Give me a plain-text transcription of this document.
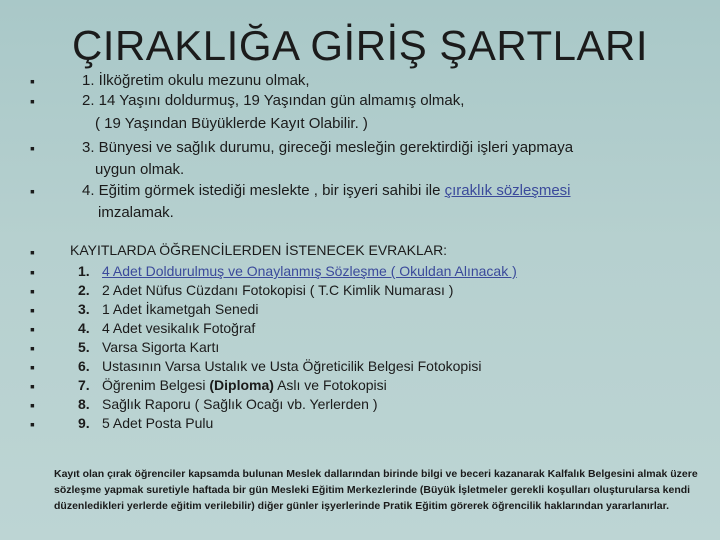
ÇIRAKLIĞA GİRİŞ ŞARTLARI
▪
1. İlköğretim okulu mezunu olmak,
▪
2. 14 Yaşını doldurmuş, 19 Yaşından gün almamış olmak,
( 19 Yaşından Büyüklerde Kayıt Olabilir. )
▪
3. Bünyesi ve sağlık durumu, gireceği mesleğin gerektirdiği işleri yapmaya
uygun olmak.
▪
4. Eğitim görmek istediği meslekte , bir işyeri sahibi ile çıraklık sözleşmesi
imzalamak.
▪
KAYITLARDA ÖĞRENCİLERDEN İSTENECEK EVRAKLAR:
▪
1. 4 Adet Doldurulmuş ve Onaylanmış Sözleşme ( Okuldan Alınacak )
▪
2. 2 Adet Nüfus Cüzdanı Fotokopisi ( T.C Kimlik Numarası )
▪
3. 1 Adet İkametgah Senedi
▪
4. 4 Adet vesikalık Fotoğraf
▪
5. Varsa Sigorta Kartı
▪
6. Ustasının Varsa Ustalık ve Usta Öğreticilik Belgesi Fotokopisi
▪
7. Öğrenim Belgesi (Diploma) Aslı ve Fotokopisi
▪
8. Sağlık Raporu ( Sağlık Ocağı vb. Yerlerden )
▪
9. 5 Adet Posta Pulu
Kayıt olan çırak öğrenciler kapsamda bulunan Meslek dallarından birinde bilgi ve beceri kazanarak Kalfalık Belgesini almak üzere sözleşme yapmak suretiyle haftada bir gün Mesleki Eğitim Merkezlerinde (Büyük İşletmeler gerekli koşulları oluşturularsa kendi düzenledikleri yerlerde eğitim verilebilir) diğer günler işyerlerinde Pratik Eğitim görerek öğrencilik haklarından yararlanırlar.
